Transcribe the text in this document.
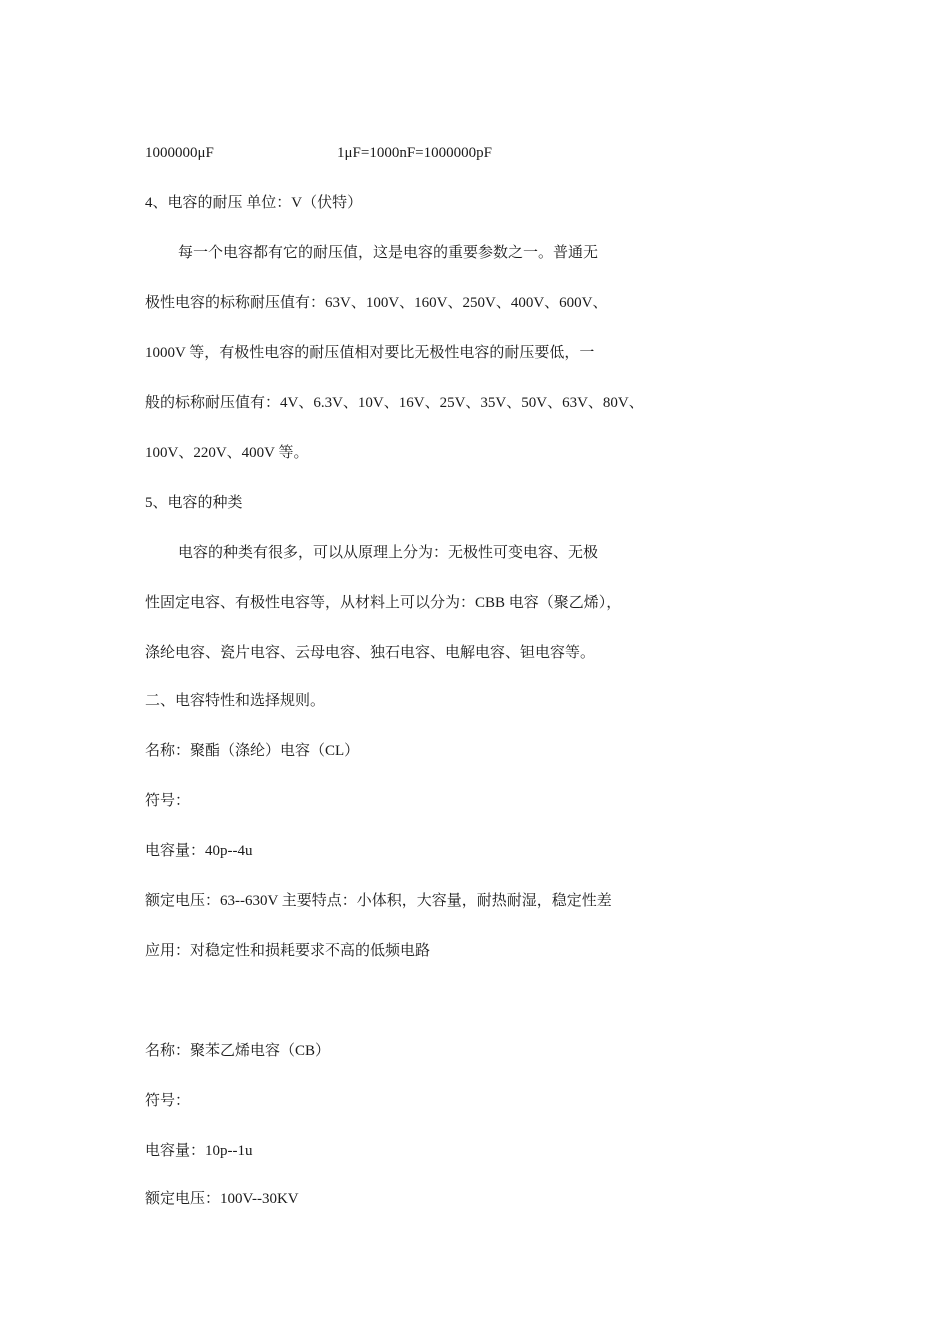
1000000μF	1μF=1000nF=1000000pF
4、电容的耐压 单位：V（伏特）
每一个电容都有它的耐压值，这是电容的重要参数之一。普通无
极性电容的标称耐压值有：63V、100V、160V、250V、400V、600V、
1000V 等，有极性电容的耐压值相对要比无极性电容的耐压要低，一
般的标称耐压值有：4V、6.3V、10V、16V、25V、35V、50V、63V、80V、
100V、220V、400V 等。
5、电容的种类
电容的种类有很多，可以从原理上分为：无极性可变电容、无极
性固定电容、有极性电容等，从材料上可以分为：CBB 电容（聚乙烯），
涤纶电容、瓷片电容、云母电容、独石电容、电解电容、钽电容等。
二、电容特性和选择规则。
名称：聚酯（涤纶）电容（CL）
符号：
电容量：40p--4u
额定电压：63--630V 主要特点：小体积，大容量，耐热耐湿，稳定性差
应用：对稳定性和损耗要求不高的低频电路
名称：聚苯乙烯电容（CB）
符号：
电容量：10p--1u
额定电压：100V--30KV
